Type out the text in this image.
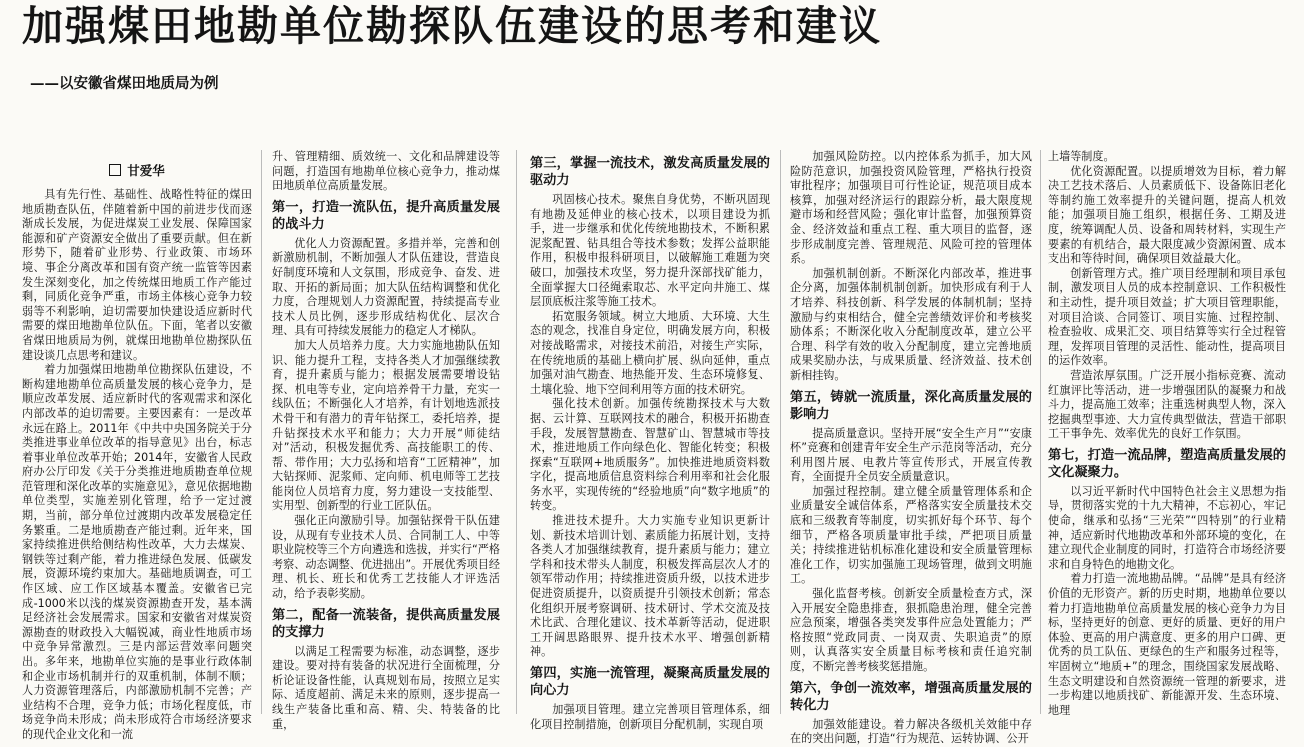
加强煤田地勘单位勘探队伍建设的思考和建议
——以安徽省煤田地质局为例
甘爱华

具有先行性、基础性、战略性特征的煤田地质勘查队伍，伴随着新中国的前进步伐而逐渐成长发展，为促进煤炭工业发展、保障国家能源和矿产资源安全做出了重要贡献。但在新形势下，随着矿业形势、行业政策、市场环境、事企分离改革和国有资产统一监管等因素发生深刻变化，加之传统煤田地质工作产能过剩，同质化竞争严重，市场主体核心竞争力较弱等不利影响，迫切需要加快建设适应新时代需要的煤田地勘单位队伍。下面，笔者以安徽省煤田地质局为例，就煤田地勘单位勘探队伍建设谈几点思考和建议。

着力加强煤田地勘单位勘探队伍建设，不断构建地勘单位高质量发展的核心竞争力，是顺应改革发展、适应新时代的客观需求和深化内部改革的迫切需要。主要因素有：一是改革永远在路上。2011年《中共中央国务院关于分类推进事业单位改革的指导意见》出台，标志着事业单位改革开始；2014年，安徽省人民政府办公厅印发《关于分类推进地质勘查单位规范管理和深化改革的实施意见》，意见依据地勘单位类型，实施差别化管理，给予一定过渡期，当前，部分单位过渡期内改革发展稳定任务繁重。二是地质勘查产能过剩。近年来，国家持续推进供给侧结构性改革，大力去煤炭、钢铁等过剩产能，着力推进绿色发展、低碳发展，资源环境约束加大。基础地质调查，可工作区域、应工作区域基本覆盖。安徽省已完成-1000米以浅的煤炭资源勘查开发，基本满足经济社会发展需求。国家和安徽省对煤炭资源勘查的财政投入大幅锐减，商业性地质市场中竞争异常激烈。三是内部运营效率问题突出。多年来，地勘单位实施的是事业行政体制和企业市场机制并行的双重机制，体制不顺；人力资源管理落后，内部激励机制不完善；产业结构不合理，竞争力低；市场化程度低，市场竞争尚未形成；尚未形成符合市场经济要求的现代企业文化和一流

升、管理精细、质效统一、文化和品牌建设等问题，打造国有地勘单位核心竞争力，推动煤田地质单位高质量发展。

第一，打造一流队伍，提升高质量发展的战斗力

优化人力资源配置。多措并举，完善和创新激励机制，不断加强人才队伍建设，营造良好制度环境和人文氛围，形成竞争、奋发、进取、开拓的新局面；加大队伍结构调整和优化力度，合理规划人力资源配置，持续提高专业技术人员比例，逐步形成结构优化、层次合理、具有可持续发展能力的稳定人才梯队。

加大人员培养力度。大力实施地勘队伍知识、能力提升工程，支持各类人才加强继续教育，提升素质与能力；根据发展需要增设钻探、机电等专业，定向培养骨干力量，充实一线队伍；不断强化人才培养，有计划地选派技术骨干和有潜力的青年钻探工，委托培养，提升钻探技术水平和能力；大力开展“师徒结对”活动，积极发掘优秀、高技能职工的传、帮、带作用；大力弘扬和培育“工匠精神”，加大钻探师、泥浆师、定向师、机电师等工艺技能岗位人员培育力度，努力建设一支技能型、实用型、创新型的行业工匠队伍。

强化正向激励引导。加强钻探骨干队伍建设，从现有专业技术人员、合同制工人、中等职业院校等三个方向遴选和选拔，并实行“严格考察、动态调整、优进拙出”。开展优秀项目经理、机长、班长和优秀工艺技能人才评选活动，给予表彰奖励。

第二，配备一流装备，提供高质量发展的支撑力

以满足工程需要为标准，动态调整，逐步建设。要对持有装备的状况进行全面梳理，分析论证设备性能，认真规划布局，按照立足实际、适度超前、满足未来的原则，逐步提高一线生产装备比重和高、精、尖、特装备的比重，

第三，掌握一流技术，激发高质量发展的驱动力

巩固核心技术。聚焦自身优势，不断巩固现有地勘及延伸业的核心技术，以项目建设为抓手，进一步继承和优化传统地勘技术，不断积累泥浆配置、钻具组合等技术参数；发挥公益职能作用，积极申报科研项目，以破解施工难题为突破口，加强技术攻坚，努力提升深部找矿能力，全面掌握大口径绳索取芯、水平定向井施工、煤层顶底板注浆等施工技术。

拓宽服务领域。树立大地质、大环境、大生态的观念，找准自身定位，明确发展方向，积极对接战略需求，对接技术前沿，对接生产实际，在传统地质的基础上横向扩展、纵向延伸，重点加强对油气勘查、地热能开发、生态环境修复、土壤化验、地下空间利用等方面的技术研究。

强化技术创新。加强传统勘探技术与大数据、云计算、互联网技术的融合，积极开拓勘查手段，发展智慧勘查、智慧矿山、智慧城市等技术，推进地质工作向绿色化、智能化转变；积极探索“互联网+地质服务”。加快推进地质资料数字化，提高地质信息资料综合利用率和社会化服务水平，实现传统的“经验地质”向“数字地质”的转变。

推进技术提升。大力实施专业知识更新计划、新技术培训计划、素质能力拓展计划，支持各类人才加强继续教育，提升素质与能力；建立学科和技术带头人制度，积极发挥高层次人才的领军带动作用；持续推进资质升级，以技术进步促进资质提升，以资质提升引领技术创新；常态化组织开展考察调研、技术研讨、学术交流及技术比武、合理化建议、技术革新等活动，促进职工开阔思路眼界、提升技术水平、增强创新精神。

第四，实施一流管理，凝聚高质量发展的向心力

加强项目管理。建立完善项目管理体系，细化项目控制措施，创新项目分配机制，实现自项

加强风险防控。以内控体系为抓手，加大风险防范意识，加强投资风险管理，严格执行投资审批程序；加强项目可行性论证，规范项目成本核算，加强对经济运行的跟踪分析，最大限度规避市场和经营风险；强化审计监督，加强预算资金、经济效益和重点工程、重大项目的监督，逐步形成制度完善、管理规范、风险可控的管理体系。

加强机制创新。不断深化内部改革，推进事企分离，加强体制机制创新。加快形成有利于人才培养、科技创新、科学发展的体制机制；坚持激励与约束相结合，健全完善绩效评价和考核奖励体系；不断深化收入分配制度改革，建立公平合理、科学有效的收入分配制度，建立完善地质成果奖励办法，与成果质量、经济效益、技术创新相挂钩。

第五，铸就一流质量，深化高质量发展的影响力

提高质量意识。坚持开展“安全生产月”“安康杯”竞赛和创建青年安全生产示范岗等活动，充分利用图片展、电教片等宣传形式，开展宣传教育，全面提升全员安全质量意识。

加强过程控制。建立健全质量管理体系和企业质量安全诚信体系，严格落实安全质量技术交底和三级教育等制度，切实抓好每个环节、每个细节，严格各项质量审批手续，严把项目质量关；持续推进钻机标准化建设和安全质量管理标准化工作，切实加强施工现场管理，做到文明施工。

强化监督考核。创新安全质量检查方式，深入开展安全隐患排查，狠抓隐患治理，健全完善应急预案，增强各类突发事件应急处置能力；严格按照“党政同责、一岗双责、失职追责”的原则，认真落实安全质量目标考核和责任追究制度，不断完善考核奖惩措施。

第六，争创一流效率，增强高质量发展的转化力

加强效能建设。着力解决各级机关效能中存在的突出问题，打造“行为规范、运转协调、公开

上墙等制度。

优化资源配置。以提质增效为目标，着力解决工艺技术落后、人员素质低下、设备陈旧老化等制约施工效率提升的关键问题，提高人机效能；加强项目施工组织，根据任务、工期及进度，统筹调配人员、设备和周转材料，实现生产要素的有机结合，最大限度减少资源闲置、成本支出和等待时间，确保项目效益最大化。

创新管理方式。推广项目经理制和项目承包制，激发项目人员的成本控制意识、工作积极性和主动性，提升项目效益；扩大项目管理职能，对项目洽谈、合同签订、项目实施、过程控制、检查验收、成果汇交、项目结算等实行全过程管理，发挥项目管理的灵活性、能动性，提高项目的运作效率。

营造浓厚氛围。广泛开展小指标竞赛、流动红旗评比等活动，进一步增强团队的凝聚力和战斗力，提高施工效率；注重选树典型人物，深入挖掘典型事迹、大力宣传典型做法，营造干部职工干事争先、效率优先的良好工作氛围。

第七，打造一流品牌，塑造高质量发展的文化凝聚力。

以习近平新时代中国特色社会主义思想为指导，贯彻落实党的十九大精神，不忘初心，牢记使命，继承和弘扬“三光荣”“四特别”的行业精神，适应新时代地勘改革和外部环境的变化，在建立现代企业制度的同时，打造符合市场经济要求和自身特色的地勘文化。

着力打造一流地勘品牌。“品牌”是具有经济价值的无形资产。新的历史时期，地勘单位要以着力打造地勘单位高质量发展的核心竞争力为目标，坚持更好的创意、更好的质量、更好的用户体验、更高的用户满意度、更多的用户口碑、更优秀的员工队伍、更绿色的生产和服务过程等，牢固树立“地质+”的理念，围绕国家发展战略、生态文明建设和自然资源统一管理的新要求，进一步构建以地质找矿、新能源开发、生态环境、地理
